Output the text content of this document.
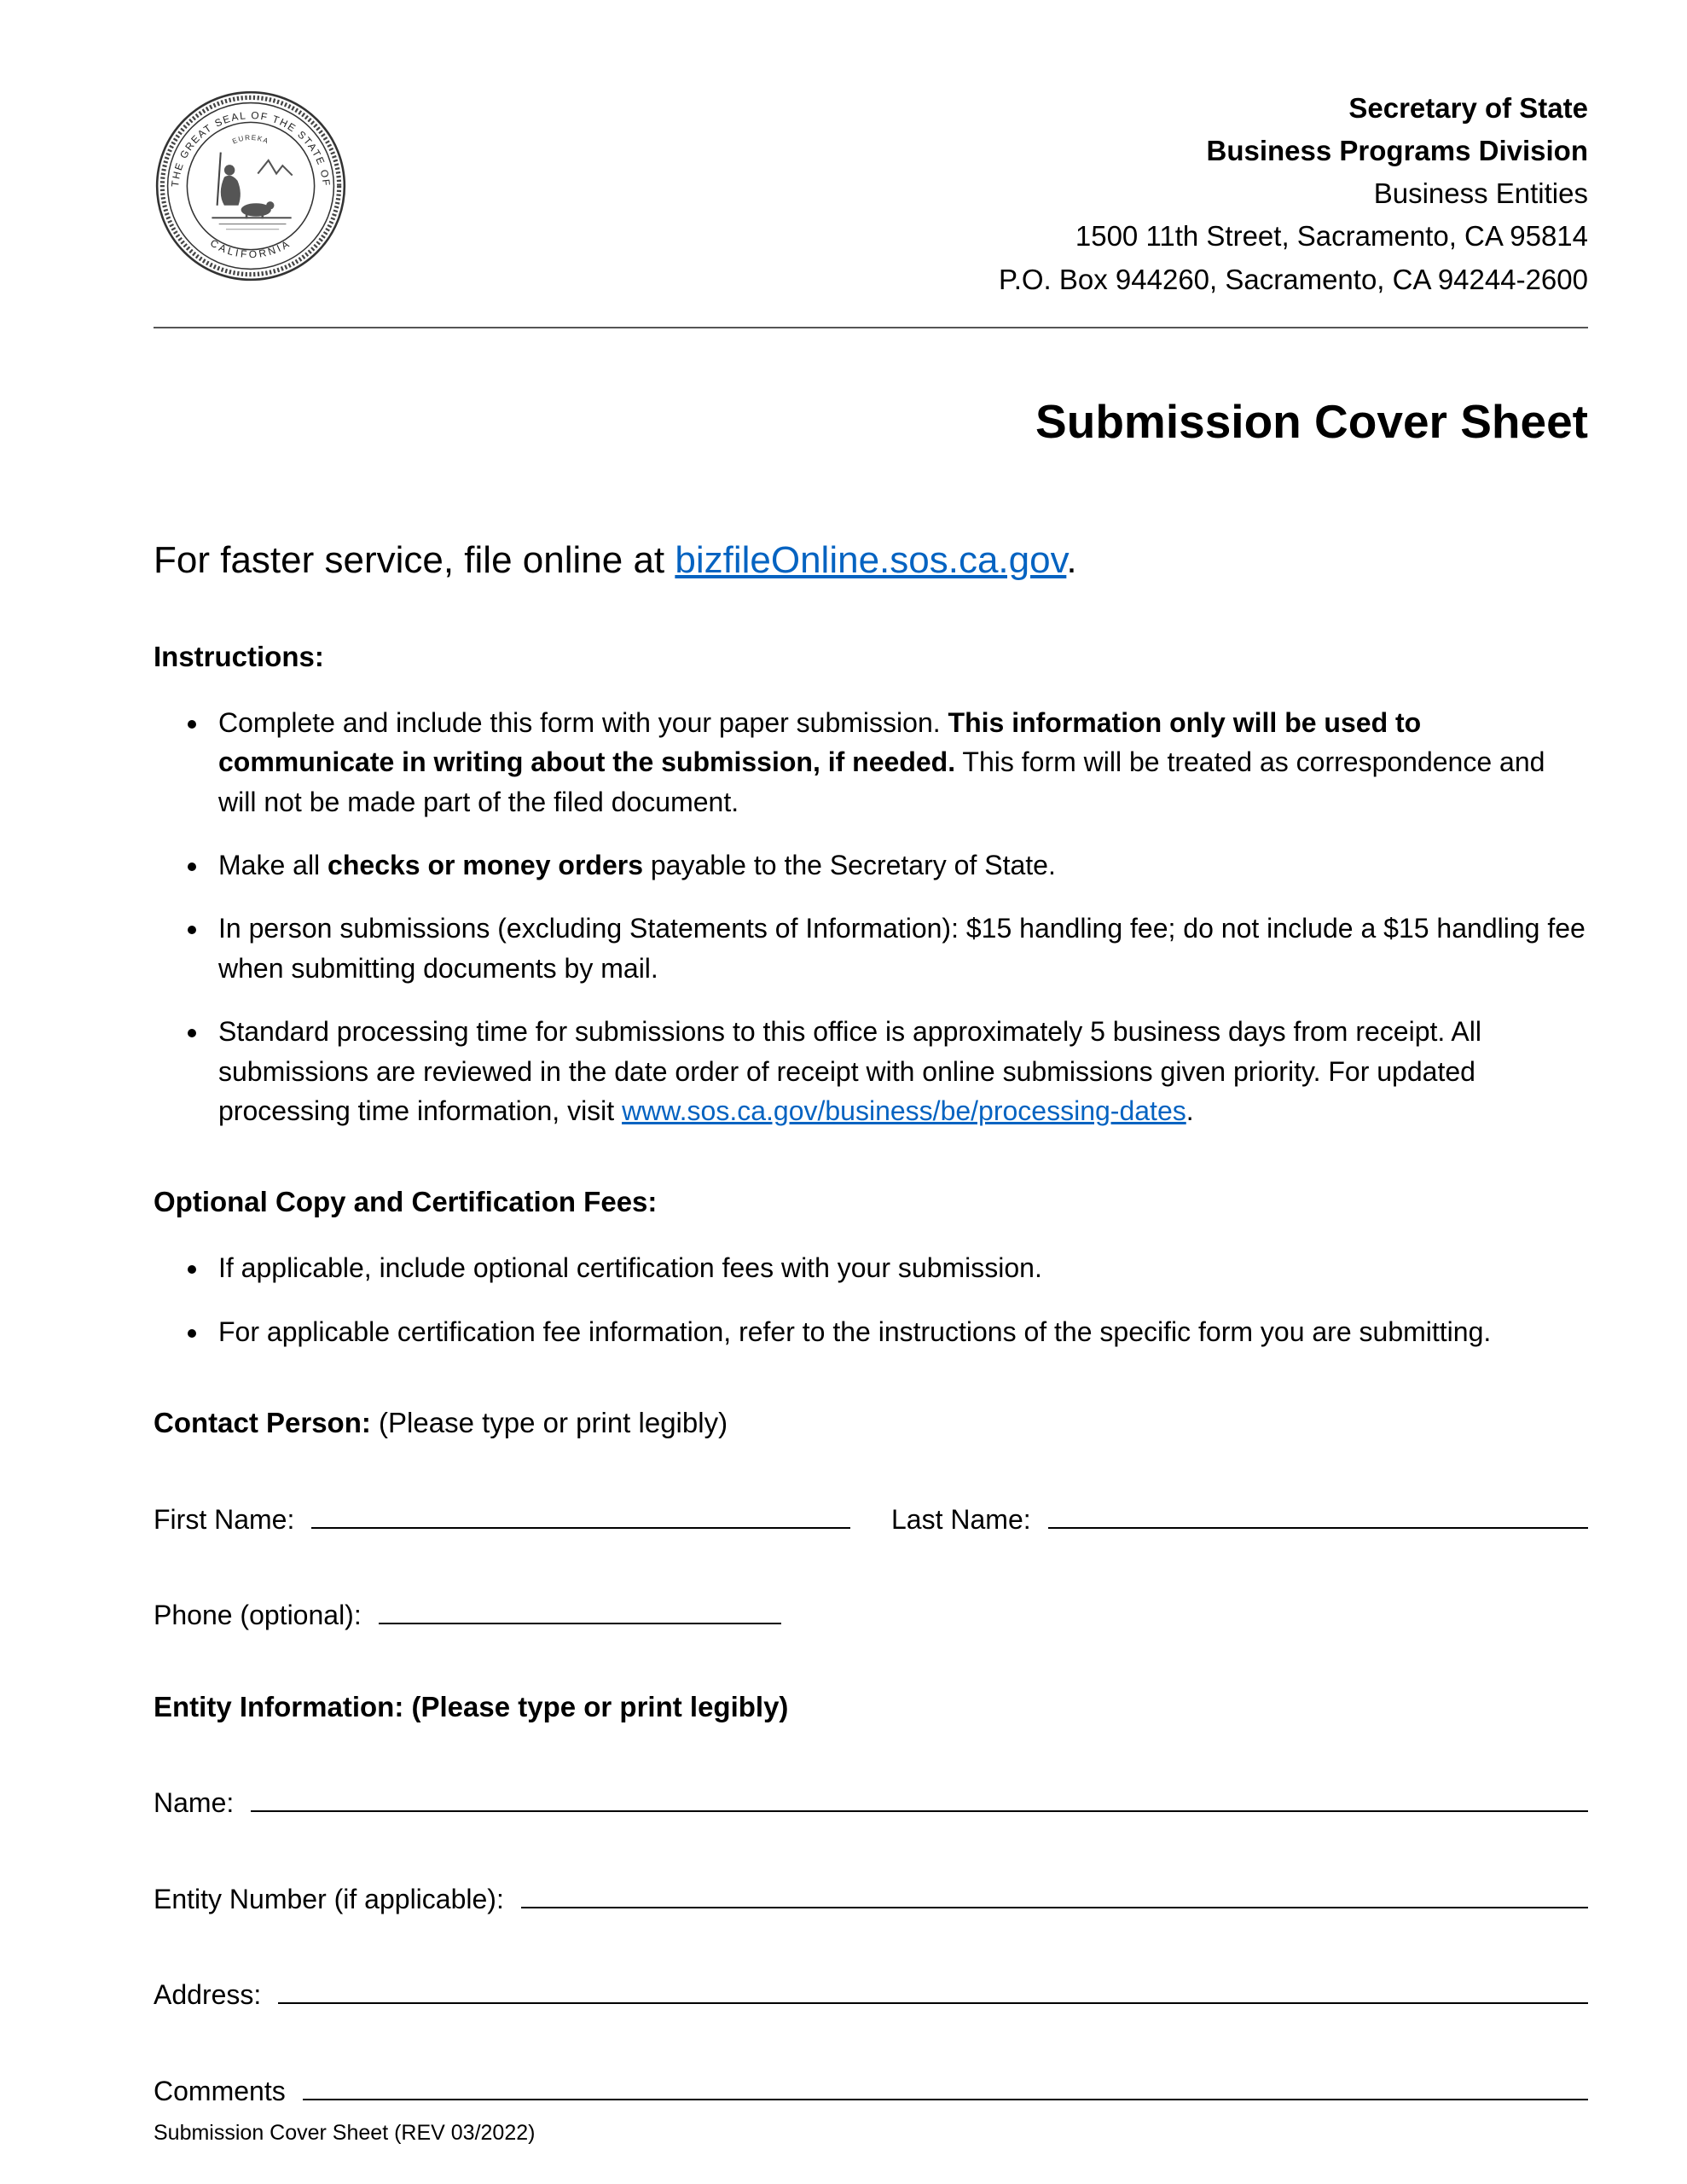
THE GREAT SEAL OF THE STATE OF
CALIFORNIA
EUREKA
Secretary of State
Business Programs Division
Business Entities
1500 11th Street, Sacramento, CA 95814
P.O. Box 944260, Sacramento, CA 94244-2600
Submission Cover Sheet
For faster service, file online at bizfileOnline.sos.ca.gov.
Instructions:
• Complete and include this form with your paper submission. This information only will be used to communicate in writing about the submission, if needed. This form will be treated as correspondence and will not be made part of the filed document.
• Make all checks or money orders payable to the Secretary of State.
• In person submissions (excluding Statements of Information): $15 handling fee; do not include a $15 handling fee when submitting documents by mail.
• Standard processing time for submissions to this office is approximately 5 business days from receipt. All submissions are reviewed in the date order of receipt with online submissions given priority. For updated processing time information, visit www.sos.ca.gov/business/be/processing-dates.
Optional Copy and Certification Fees:
• If applicable, include optional certification fees with your submission.
• For applicable certification fee information, refer to the instructions of the specific form you are submitting.
Contact Person: (Please type or print legibly)
First Name:	Last Name:
Phone (optional):
Entity Information: (Please type or print legibly)
Name:
Entity Number (if applicable):
Address:
Comments
Submission Cover Sheet (REV 03/2022)
